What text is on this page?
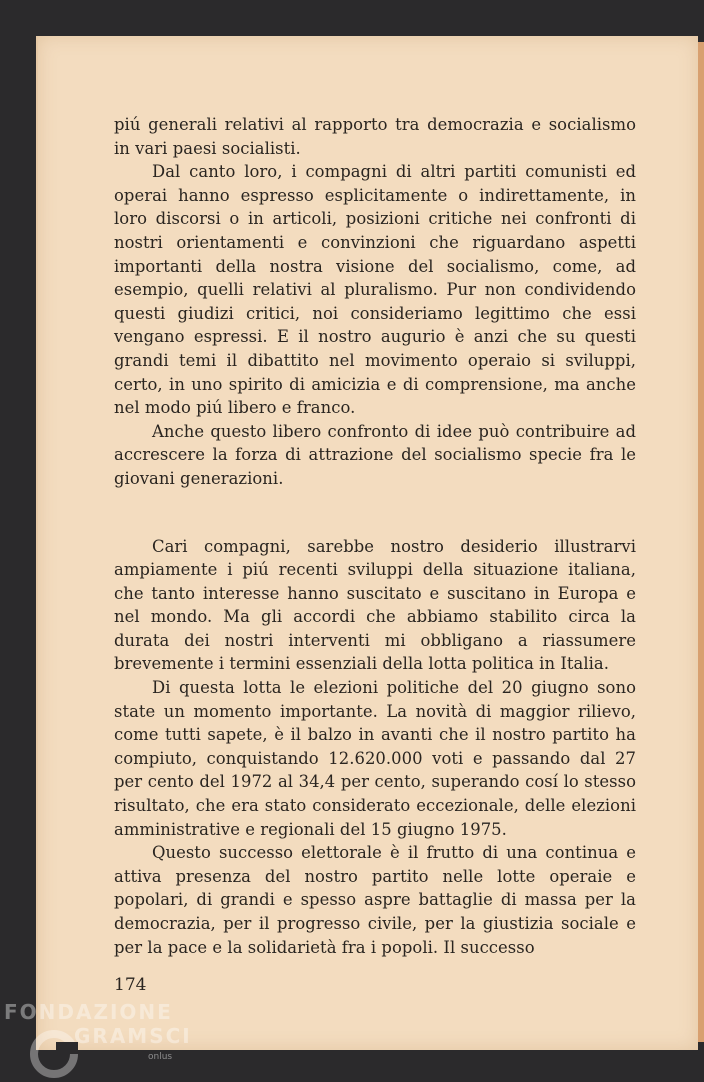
piú generali relativi al rapporto tra democrazia e socialismo in vari paesi socialisti.

Dal canto loro, i compagni di altri partiti comunisti ed operai hanno espresso esplicitamente o indirettamente, in loro discorsi o in articoli, posizioni critiche nei confronti di nostri orientamenti e convinzioni che riguardano aspetti importanti della nostra visione del socialismo, come, ad esempio, quelli relativi al pluralismo. Pur non condividendo questi giudizi critici, noi consideriamo legittimo che essi vengano espressi. E il nostro augurio è anzi che su questi grandi temi il dibattito nel movimento operaio si sviluppi, certo, in uno spirito di amicizia e di comprensione, ma anche nel modo piú libero e franco.

Anche questo libero confronto di idee può contribuire ad accrescere la forza di attrazione del socialismo specie fra le giovani generazioni.

Cari compagni, sarebbe nostro desiderio illustrarvi ampiamente i piú recenti sviluppi della situazione italiana, che tanto interesse hanno suscitato e suscitano in Europa e nel mondo. Ma gli accordi che abbiamo stabilito circa la durata dei nostri interventi mi obbligano a riassumere brevemente i termini essenziali della lotta politica in Italia.

Di questa lotta le elezioni politiche del 20 giugno sono state un momento importante. La novità di maggior rilievo, come tutti sapete, è il balzo in avanti che il nostro partito ha compiuto, conquistando 12.620.000 voti e passando dal 27 per cento del 1972 al 34,4 per cento, superando cosí lo stesso risultato, che era stato considerato eccezionale, delle elezioni amministrative e regionali del 15 giugno 1975.

Questo successo elettorale è il frutto di una continua e attiva presenza del nostro partito nelle lotte operaie e popolari, di grandi e spesso aspre battaglie di massa per la democrazia, per il progresso civile, per la giustizia sociale e per la pace e la solidarietà fra i popoli. Il successo

174
FONDAZIONE
GRAMSCI
onlus
